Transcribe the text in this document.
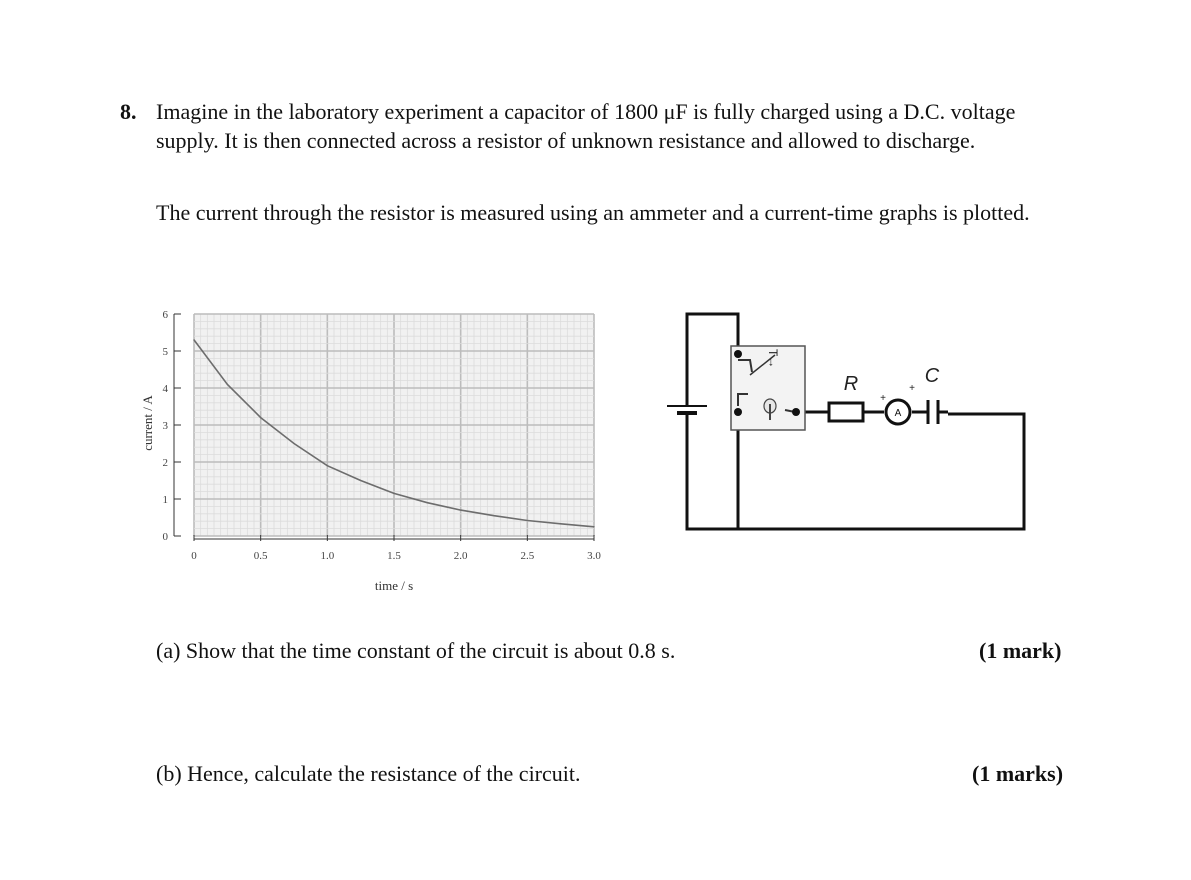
8. Imagine in the laboratory experiment a capacitor of 1800 μF is fully charged using a D.C. voltage supply. It is then connected across a resistor of unknown resistance and allowed to discharge.
The current through the resistor is measured using an ammeter and a current-time graphs is plotted.
0
1
2
3
4
5
6
0	0.5	1.0	1.5	2.0	2.5	3.0
time / s
current / A
T→
R
+
A
+
C
(a) Show that the time constant of the circuit is about 0.8 s.	(1 mark)
(b) Hence, calculate the resistance of the circuit.	(1 marks)
